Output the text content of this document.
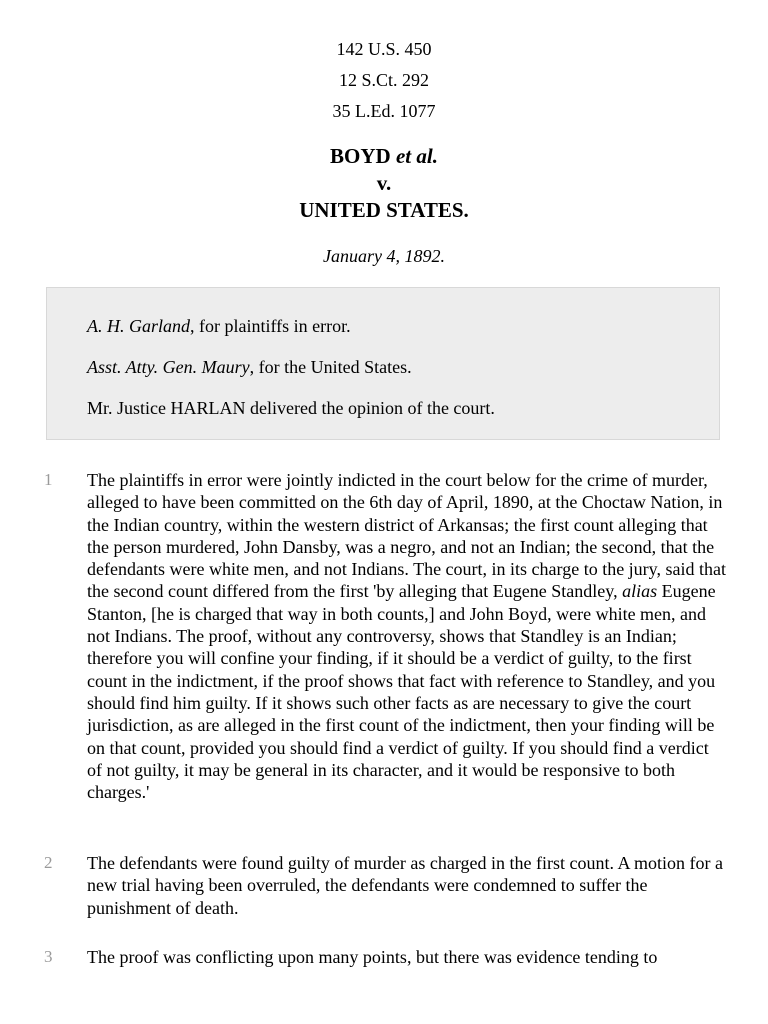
142 U.S. 450
12 S.Ct. 292
35 L.Ed. 1077
BOYD et al.
v.
UNITED STATES.
January 4, 1892.

A. H. Garland, for plaintiffs in error.

Asst. Atty. Gen. Maury, for the United States.

Mr. Justice HARLAN delivered the opinion of the court.

1 The plaintiffs in error were jointly indicted in the court below for the crime of murder, alleged to have been committed on the 6th day of April, 1890, at the Choctaw Nation, in the Indian country, within the western district of Arkansas; the first count alleging that the person murdered, John Dansby, was a negro, and not an Indian; the second, that the defendants were white men, and not Indians. The court, in its charge to the jury, said that the second count differed from the first 'by alleging that Eugene Standley, alias Eugene Stanton, [he is charged that way in both counts,] and John Boyd, were white men, and not Indians. The proof, without any controversy, shows that Standley is an Indian; therefore you will confine your finding, if it should be a verdict of guilty, to the first count in the indictment, if the proof shows that fact with reference to Standley, and you should find him guilty. If it shows such other facts as are necessary to give the court jurisdiction, as are alleged in the first count of the indictment, then your finding will be on that count, provided you should find a verdict of guilty. If you should find a verdict of not guilty, it may be general in its character, and it would be responsive to both charges.'
2 The defendants were found guilty of murder as charged in the first count. A motion for a new trial having been overruled, the defendants were condemned to suffer the punishment of death.
3 The proof was conflicting upon many points, but there was evidence tending to
